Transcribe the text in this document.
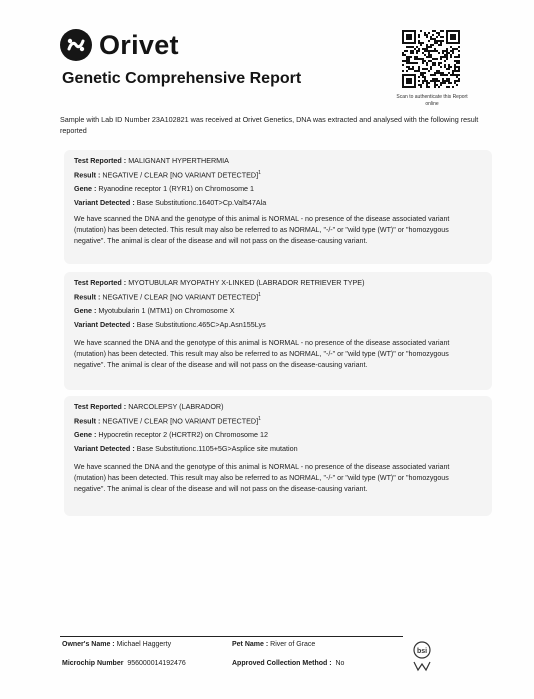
Orivet
Genetic Comprehensive Report
Scan to authenticate this Report online
Sample with Lab ID Number 23A102821 was received at Orivet Genetics, DNA was extracted and analysed with the following result reported
Test Reported : MALIGNANT HYPERTHERMIA
Result : NEGATIVE / CLEAR [NO VARIANT DETECTED]$^1$
Gene : Ryanodine receptor 1 (RYR1) on Chromosome 1
Variant Detected : Base Substitutionc.1640T>Cp.Val547Ala
We have scanned the DNA and the genotype of this animal is NORMAL - no presence of the disease associated variant (mutation) has been detected. This result may also be referred to as NORMAL, "-/-" or "wild type (WT)" or "homozygous negative". The animal is clear of the disease and will not pass on the disease-causing variant.
Test Reported : MYOTUBULAR MYOPATHY X-LINKED (LABRADOR RETRIEVER TYPE)
Result : NEGATIVE / CLEAR [NO VARIANT DETECTED]$^1$
Gene : Myotubularin 1 (MTM1) on Chromosome X
Variant Detected : Base Substitutionc.465C>Ap.Asn155Lys
We have scanned the DNA and the genotype of this animal is NORMAL - no presence of the disease associated variant (mutation) has been detected. This result may also be referred to as NORMAL, "-/-" or "wild type (WT)" or "homozygous negative". The animal is clear of the disease and will not pass on the disease-causing variant.
Test Reported : NARCOLEPSY (LABRADOR)
Result : NEGATIVE / CLEAR [NO VARIANT DETECTED]$^1$
Gene : Hypocretin receptor 2 (HCRTR2) on Chromosome 12
Variant Detected : Base Substitutionc.1105+5G>Asplice site mutation
We have scanned the DNA and the genotype of this animal is NORMAL - no presence of the disease associated variant (mutation) has been detected. This result may also be referred to as NORMAL, "-/-" or "wild type (WT)" or "homozygous negative". The animal is clear of the disease and will not pass on the disease-causing variant.
Owner's Name : Michael Haggerty	Pet Name : River of Grace
Microchip Number 956000014192476	Approved Collection Method : No
bsi
